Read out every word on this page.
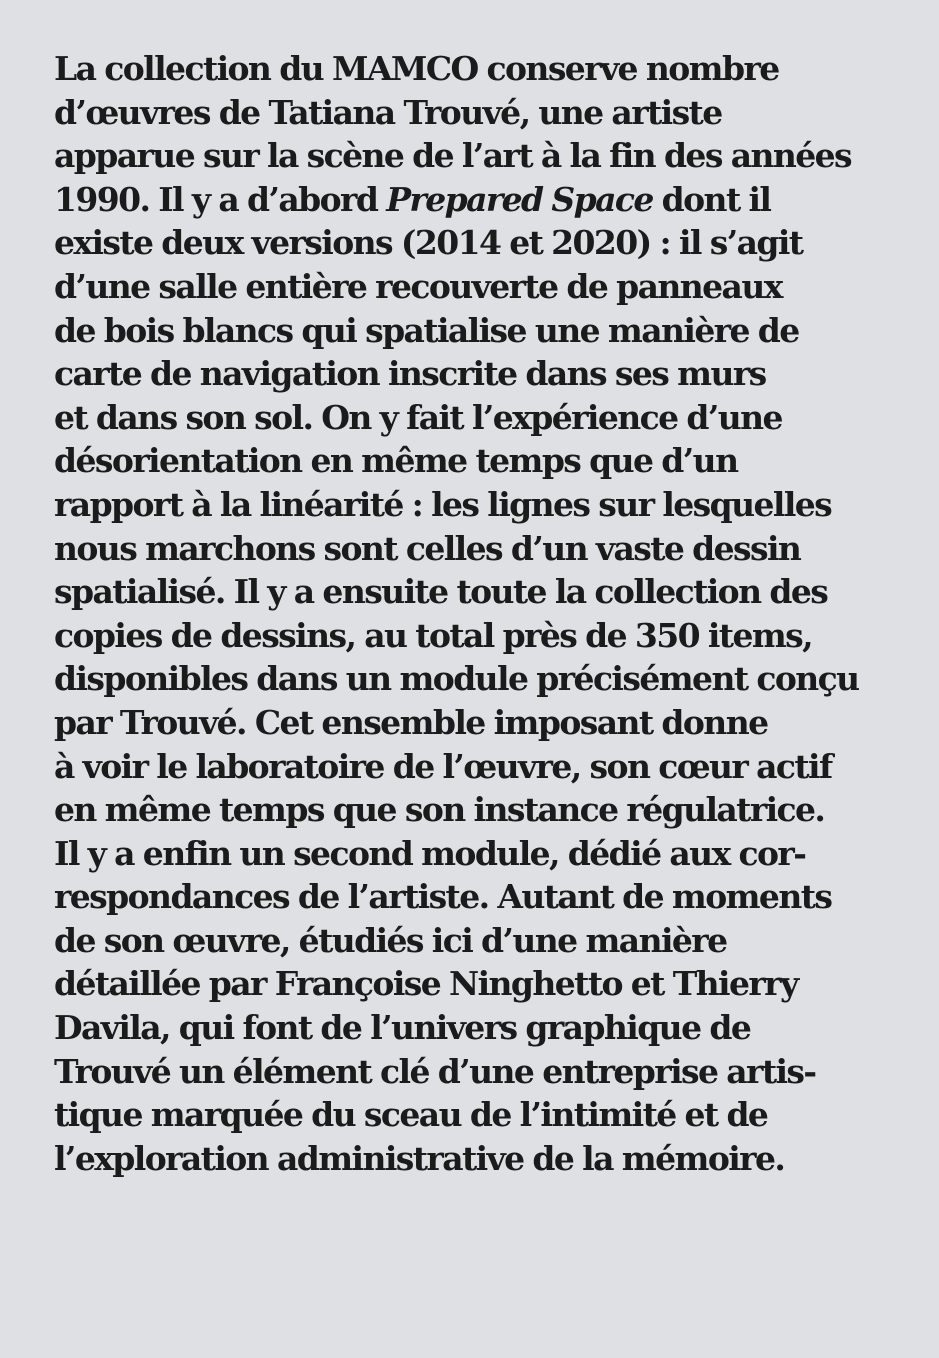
La collection du MAMCO conserve nombre
d’œuvres de Tatiana Trouvé, une artiste
apparue sur la scène de l’art à la fin des années
1990. Il y a d’abord Prepared Space dont il
existe deux versions (2014 et 2020) : il s’agit
d’une salle entière recouverte de panneaux
de bois blancs qui spatialise une manière de
carte de navigation inscrite dans ses murs
et dans son sol. On y fait l’expérience d’une
désorientation en même temps que d’un
rapport à la linéarité : les lignes sur lesquelles
nous marchons sont celles d’un vaste dessin
spatialisé. Il y a ensuite toute la collection des
copies de dessins, au total près de 350 items,
disponibles dans un module précisément conçu
par Trouvé. Cet ensemble imposant donne
à voir le laboratoire de l’œuvre, son cœur actif
en même temps que son instance régulatrice.
Il y a enfin un second module, dédié aux cor-
respondances de l’artiste. Autant de moments
de son œuvre, étudiés ici d’une manière
détaillée par Françoise Ninghetto et Thierry
Davila, qui font de l’univers graphique de
Trouvé un élément clé d’une entreprise artis-
tique marquée du sceau de l’intimité et de
l’exploration administrative de la mémoire.
